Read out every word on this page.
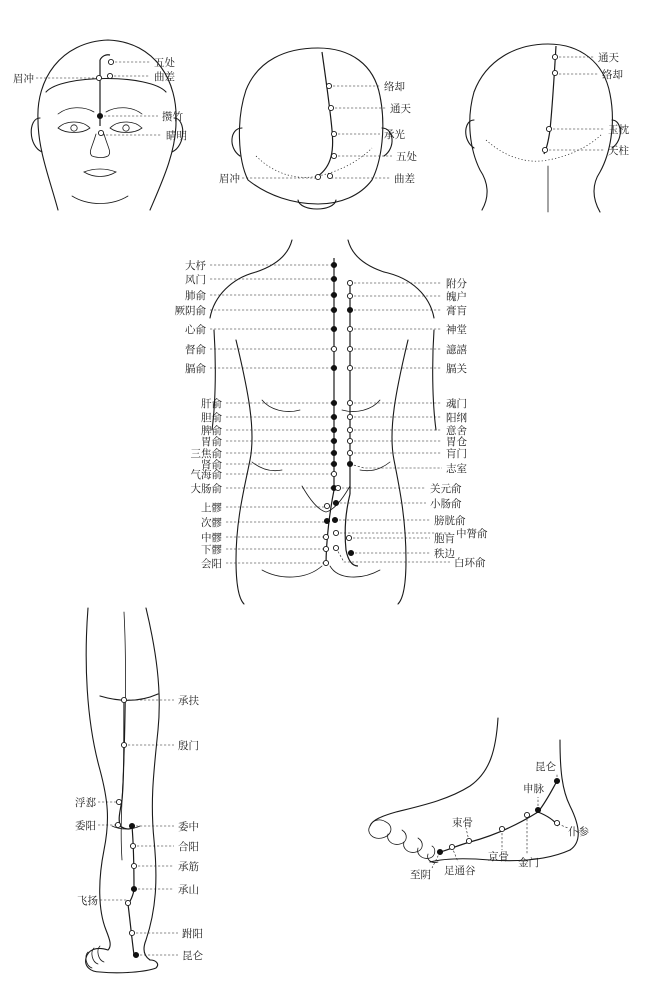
五处
曲差
眉冲
攒竹
睛明
络却
通天
承光
五处
眉冲	曲差
通天
络却
玉枕
天柱
大杼
风门
肺俞
厥阴俞
心俞
督俞
膈俞
肝俞
胆俞
脾俞
胃俞
三焦俞
肾俞
气海俞
大肠俞
上髎
次髎
中髎
下髎
会阳
附分
魄户
膏肓
神堂
譩譆
膈关
魂门
阳纲
意舍
胃仓
肓门
志室
关元俞
小肠俞
膀胱俞
中膂俞
胞肓
秩边
白环俞
承扶
殷门
浮郄
委阳	委中
合阳
承筋
承山
飞扬
跗阳
昆仑
昆仑
申脉
仆参
金门
京骨
束骨
足通谷
至阴
